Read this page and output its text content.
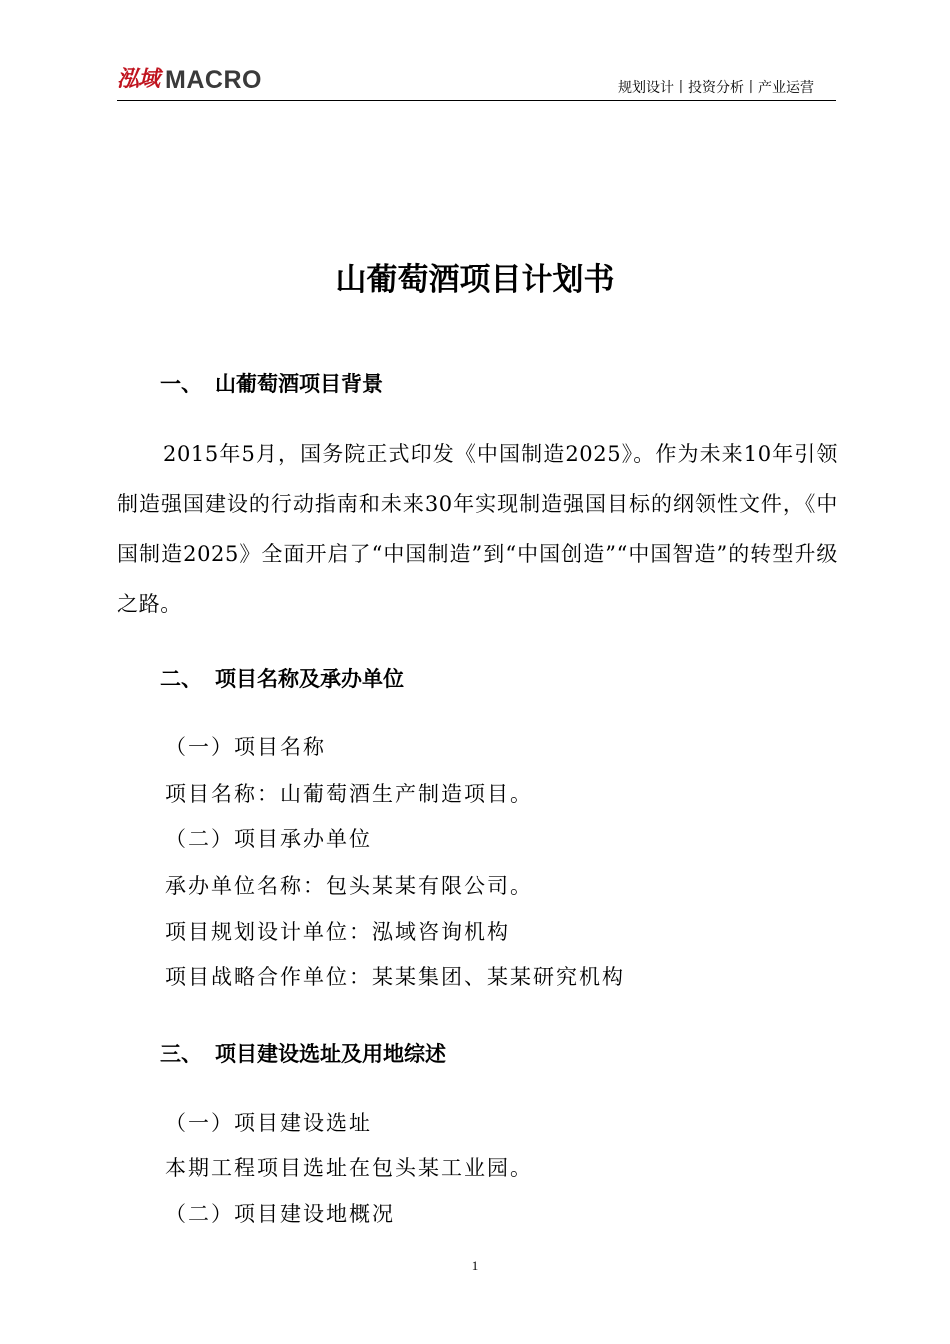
泓域 MACRO	规划设计丨投资分析丨产业运营
山葡萄酒项目计划书
一、 山葡萄酒项目背景
2015年5月，国务院正式印发《中国制造2025》。作为未来10年引领制造强国建设的行动指南和未来30年实现制造强国目标的纲领性文件，《中国制造2025》全面开启了“中国制造”到“中国创造”“中国智造”的转型升级之路。
二、 项目名称及承办单位
（一）项目名称
项目名称：山葡萄酒生产制造项目。
（二）项目承办单位
承办单位名称：包头某某有限公司。
项目规划设计单位：泓域咨询机构
项目战略合作单位：某某集团、某某研究机构
三、 项目建设选址及用地综述
（一）项目建设选址
本期工程项目选址在包头某工业园。
（二）项目建设地概况
1
